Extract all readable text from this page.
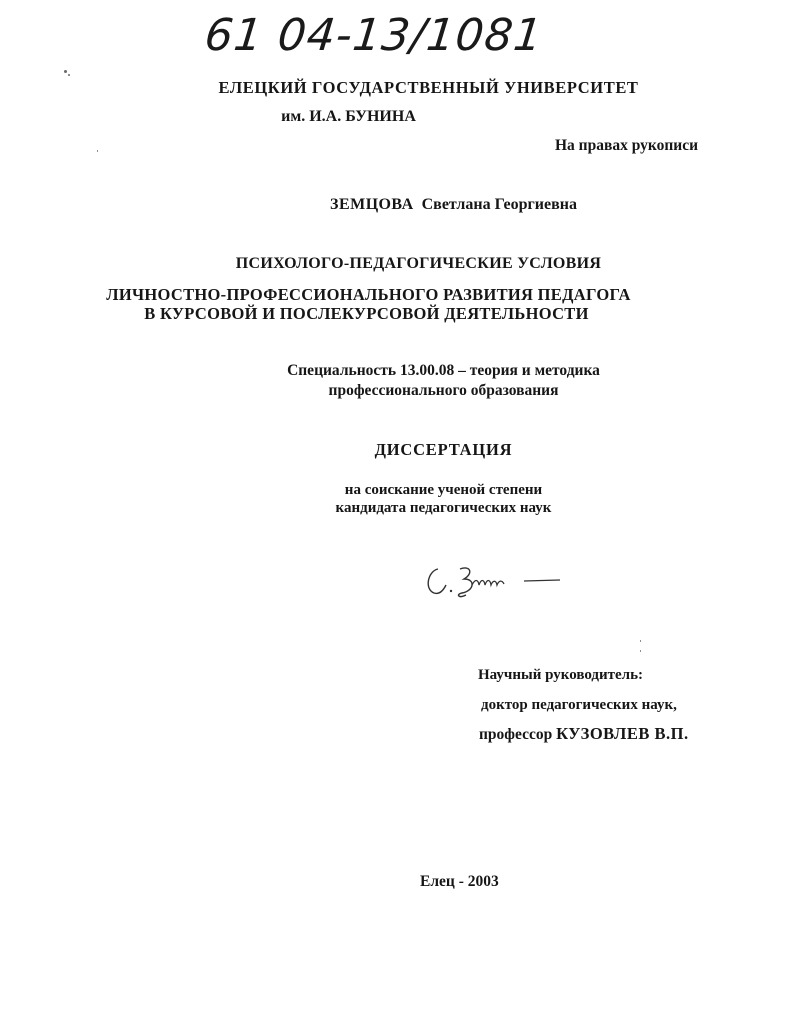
61 04-13/1081
ЕЛЕЦКИЙ ГОСУДАРСТВЕННЫЙ УНИВЕРСИТЕТ
им. И.А. БУНИНА
На правах рукописи
ЗЕМЦОВА Светлана Георгиевна
ПСИХОЛОГО-ПЕДАГОГИЧЕСКИЕ УСЛОВИЯ
ЛИЧНОСТНО-ПРОФЕССИОНАЛЬНОГО РАЗВИТИЯ ПЕДАГОГА
В КУРСОВОЙ И ПОСЛЕКУРСОВОЙ ДЕЯТЕЛЬНОСТИ
Специальность 13.00.08 – теория и методика
профессионального образования
ДИССЕРТАЦИЯ
на соискание ученой степени
кандидата педагогических наук
Научный руководитель:
доктор педагогических наук,
профессор КУЗОВЛЕВ В.П.
Елец - 2003
